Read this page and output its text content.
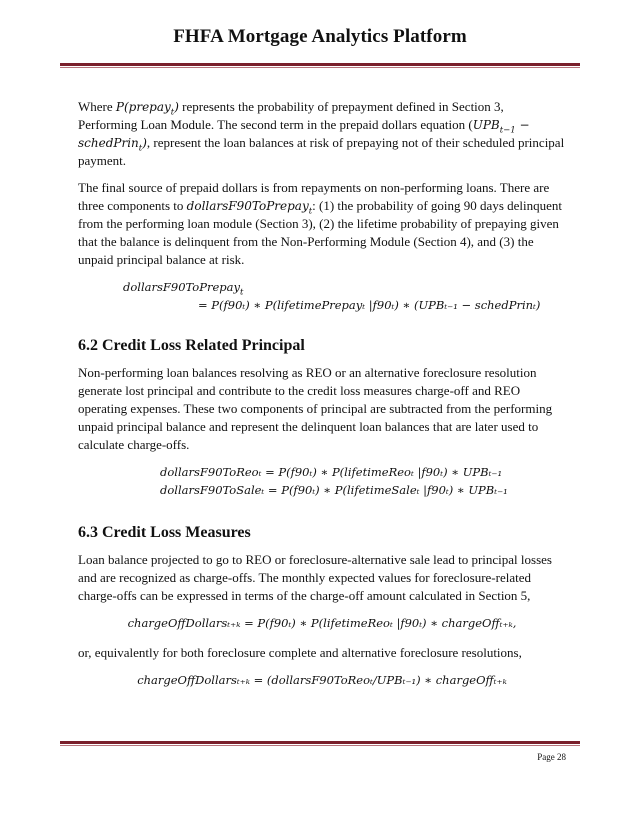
FHFA Mortgage Analytics Platform

Where P(prepay$_t$) represents the probability of prepayment defined in Section 3, Performing Loan Module. The second term in the prepaid dollars equation ($UPB_{t-1}$ − schedPrin$_t$), represent the loan balances at risk of prepaying not of their scheduled principal payment.

The final source of prepaid dollars is from repayments on non-performing loans. There are three components to dollarsF90ToPrepay$_t$: (1) the probability of going 90 days delinquent from the performing loan module (Section 3), (2) the lifetime probability of prepaying given that the balance is delinquent from the Non-Performing Module (Section 4), and (3) the unpaid principal balance at risk.

dollarsF90ToPrepay$_t$
= P(f90ₜ) ∗ P(lifetimePrepayₜ |f90ₜ) ∗ (UPBₜ₋₁ − schedPrinₜ)
6.2 Credit Loss Related Principal

Non-performing loan balances resolving as REO or an alternative foreclosure resolution generate lost principal and contribute to the credit loss measures charge-off and REO operating expenses. These two components of principal are subtracted from the performing unpaid principal balance and represent the delinquent loan balances that are later used to calculate charge-offs.

dollarsF90ToReoₜ = P(f90ₜ) ∗ P(lifetimeReoₜ |f90ₜ) ∗ UPBₜ₋₁
dollarsF90ToSaleₜ = P(f90ₜ) ∗ P(lifetimeSaleₜ |f90ₜ) ∗ UPBₜ₋₁
6.3 Credit Loss Measures

Loan balance projected to go to REO or foreclosure-alternative sale lead to principal losses and are recognized as charge-offs. The monthly expected values for foreclosure-related charge-offs can be expressed in terms of the charge-off amount calculated in Section 5,

chargeOffDollarsₜ₊ₖ = P(f90ₜ) ∗ P(lifetimeReoₜ |f90ₜ) ∗ chargeOffₜ₊ₖ,

or, equivalently for both foreclosure complete and alternative foreclosure resolutions,

chargeOffDollarsₜ₊ₖ = (dollarsF90ToReoₜ/UPBₜ₋₁) ∗ chargeOffₜ₊ₖ
Page 28
